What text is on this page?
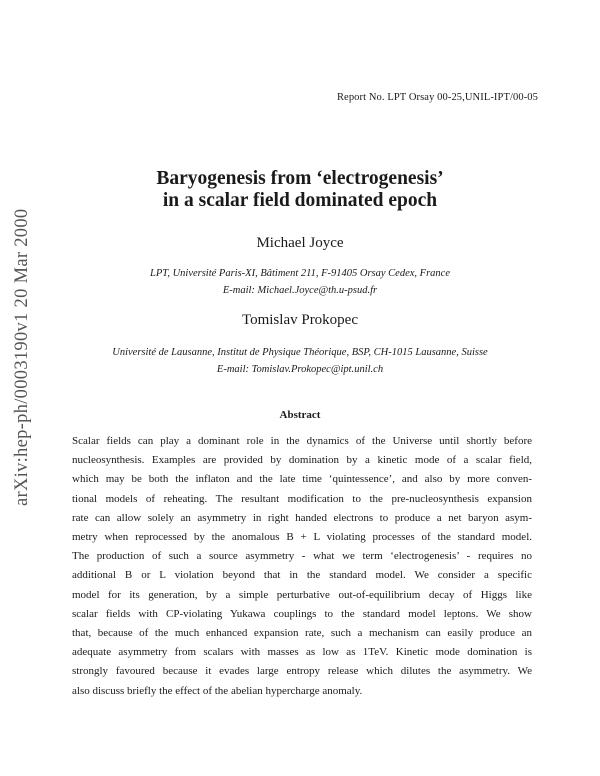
Report No. LPT Orsay 00-25,UNIL-IPT/00-05
arXiv:hep-ph/0003190v1 20 Mar 2000
Baryogenesis from ‘electrogenesis’
in a scalar field dominated epoch
Michael Joyce
LPT, Université Paris-XI, Bâtiment 211, F-91405 Orsay Cedex, France
E-mail: Michael.Joyce@th.u-psud.fr
Tomislav Prokopec
Université de Lausanne, Institut de Physique Théorique, BSP, CH-1015 Lausanne, Suisse
E-mail: Tomislav.Prokopec@ipt.unil.ch
Abstract
Scalar fields can play a dominant role in the dynamics of the Universe until shortly before
nucleosynthesis. Examples are provided by domination by a kinetic mode of a scalar field,
which may be both the inflaton and the late time ‘quintessence’, and also by more conven-
tional models of reheating. The resultant modification to the pre-nucleosynthesis expansion
rate can allow solely an asymmetry in right handed electrons to produce a net baryon asym-
metry when reprocessed by the anomalous B + L violating processes of the standard model.
The production of such a source asymmetry - what we term ‘electrogenesis’ - requires no
additional B or L violation beyond that in the standard model. We consider a specific
model for its generation, by a simple perturbative out-of-equilibrium decay of Higgs like
scalar fields with CP-violating Yukawa couplings to the standard model leptons. We show
that, because of the much enhanced expansion rate, such a mechanism can easily produce an
adequate asymmetry from scalars with masses as low as 1TeV. Kinetic mode domination is
strongly favoured because it evades large entropy release which dilutes the asymmetry. We
also discuss briefly the effect of the abelian hypercharge anomaly.
